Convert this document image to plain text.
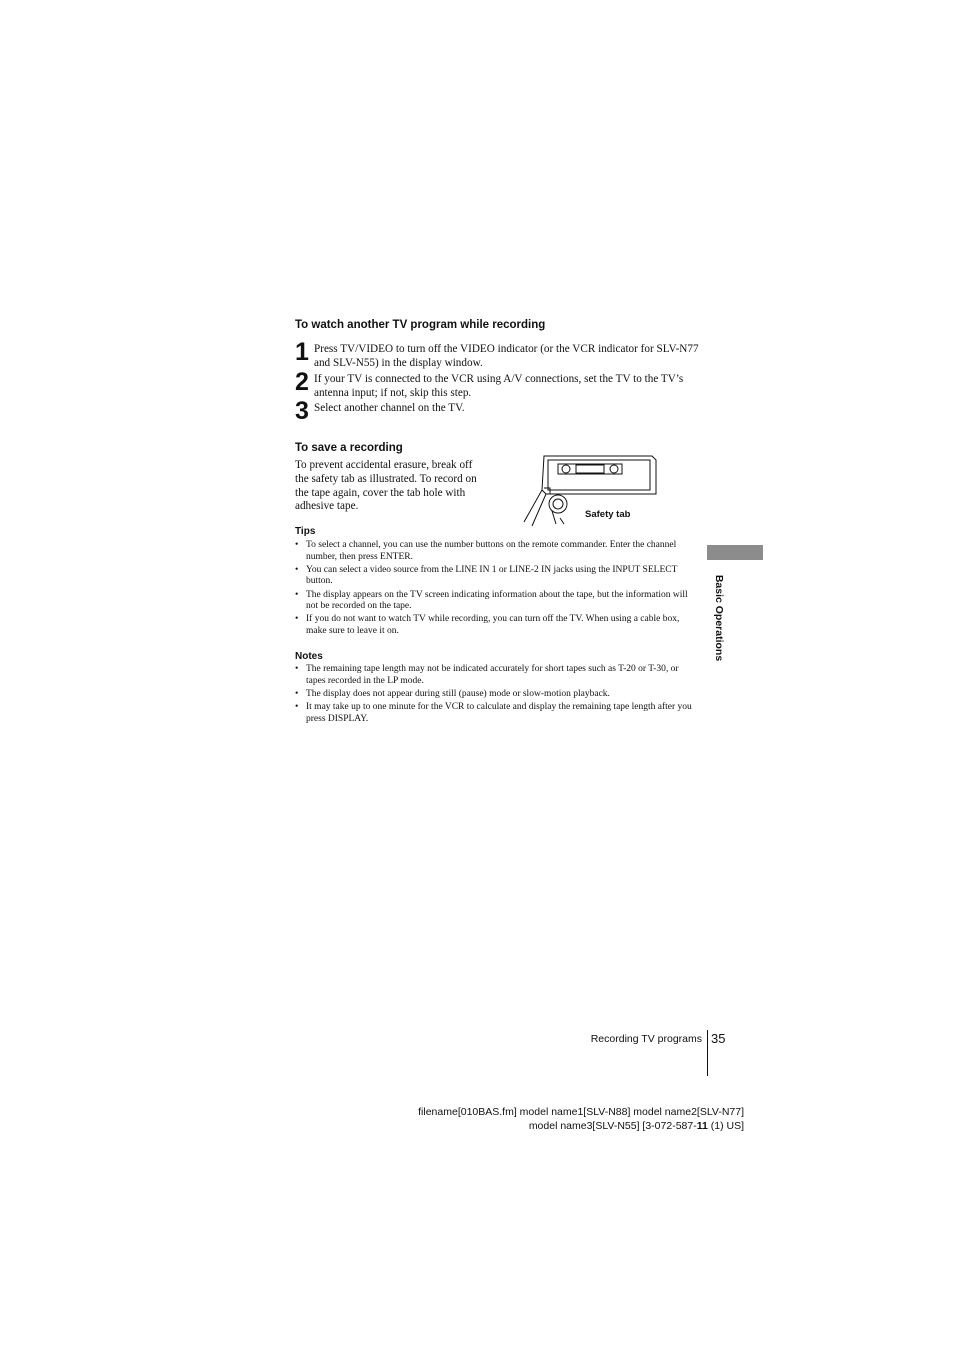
To watch another TV program while recording
1 Press TV/VIDEO to turn off the VIDEO indicator (or the VCR indicator for SLV-N77 and SLV-N55) in the display window.
2 If your TV is connected to the VCR using A/V connections, set the TV to the TV’s antenna input; if not, skip this step.
3 Select another channel on the TV.
To save a recording
To prevent accidental erasure, break off the safety tab as illustrated. To record on the tape again, cover the tab hole with adhesive tape.
Safety tab
Tips
• To select a channel, you can use the number buttons on the remote commander. Enter the channel number, then press ENTER.
• You can select a video source from the LINE IN 1 or LINE-2 IN jacks using the INPUT SELECT button.
• The display appears on the TV screen indicating information about the tape, but the information will not be recorded on the tape.
• If you do not want to watch TV while recording, you can turn off the TV. When using a cable box, make sure to leave it on.
Notes
• The remaining tape length may not be indicated accurately for short tapes such as T-20 or T-30, or tapes recorded in the LP mode.
• The display does not appear during still (pause) mode or slow-motion playback.
• It may take up to one minute for the VCR to calculate and display the remaining tape length after you press DISPLAY.
Basic Operations
Recording TV programs 35
filename[010BAS.fm] model name1[SLV-N88] model name2[SLV-N77]
model name3[SLV-N55] [3-072-587-11 (1) US]
